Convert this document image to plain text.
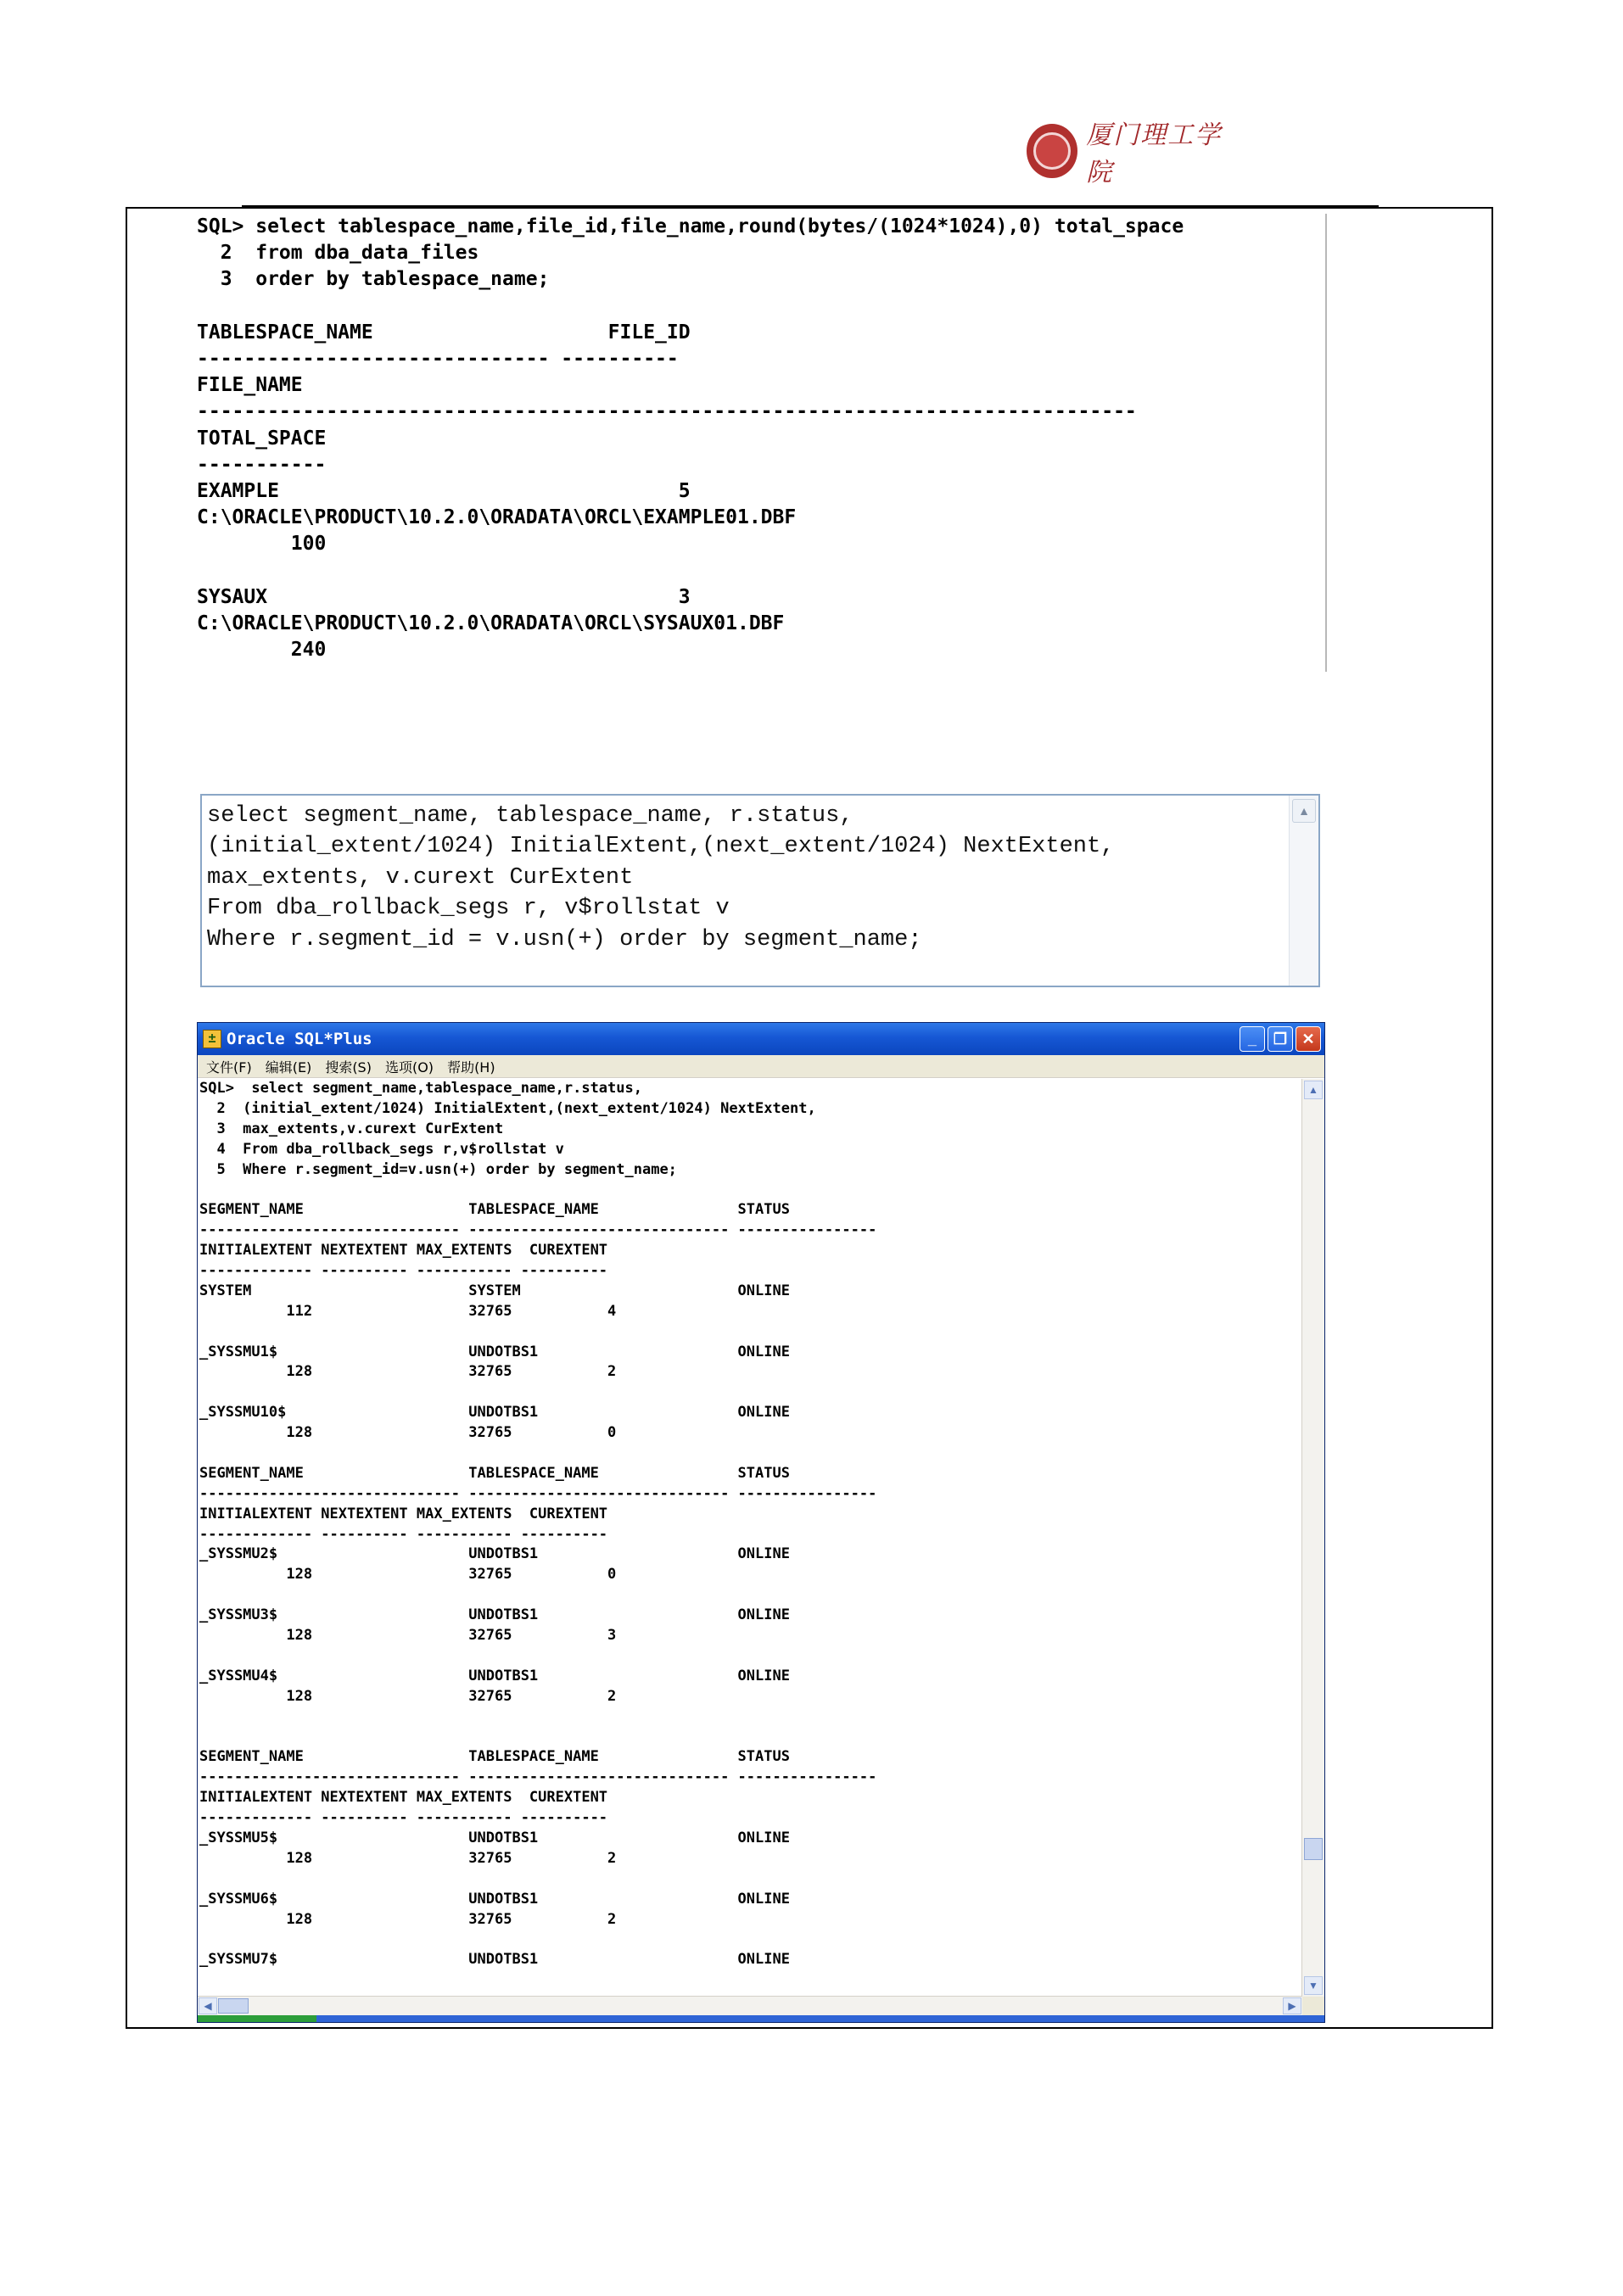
厦门理工学院
SQL> select tablespace_name,file_id,file_name,round(bytes/(1024*1024),0) total_space
2  from dba_data_files
3  order by tablespace_name;
TABLESPACE_NAME                    FILE_ID
------------------------------ ----------
FILE_NAME
--------------------------------------------------------------------------------
TOTAL_SPACE
-----------
EXAMPLE                                  5
C:\ORACLE\PRODUCT\10.2.0\ORADATA\ORCL\EXAMPLE01.DBF
100
SYSAUX                                   3
C:\ORACLE\PRODUCT\10.2.0\ORADATA\ORCL\SYSAUX01.DBF
240
select segment_name, tablespace_name, r.status,
(initial_extent/1024) InitialExtent,(next_extent/1024) NextExtent,
max_extents, v.curext CurExtent
From dba_rollback_segs r, v$rollstat v
Where r.segment_id = v.usn(+) order by segment_name;
▲
± Oracle SQL*Plus	_	❐ ✕
文件(F) 编辑(E) 搜索(S) 选项(O) 帮助(H)
SQL>  select segment_name,tablespace_name,r.status,
2  (initial_extent/1024) InitialExtent,(next_extent/1024) NextExtent,
3  max_extents,v.curext CurExtent
4  From dba_rollback_segs r,v$rollstat v
5  Where r.segment_id=v.usn(+) order by segment_name;
SEGMENT_NAME                   TABLESPACE_NAME                STATUS
------------------------------ ------------------------------ ----------------
INITIALEXTENT NEXTEXTENT MAX_EXTENTS  CUREXTENT
------------- ---------- ----------- ----------
SYSTEM                         SYSTEM                         ONLINE
112                  32765           4
_SYSSMU1$                      UNDOTBS1                       ONLINE
128                  32765           2
_SYSSMU10$                     UNDOTBS1                       ONLINE
128                  32765           0
SEGMENT_NAME                   TABLESPACE_NAME                STATUS
------------------------------ ------------------------------ ----------------
INITIALEXTENT NEXTEXTENT MAX_EXTENTS  CUREXTENT
------------- ---------- ----------- ----------
_SYSSMU2$                      UNDOTBS1                       ONLINE
128                  32765           0
_SYSSMU3$                      UNDOTBS1                       ONLINE
128                  32765           3
_SYSSMU4$                      UNDOTBS1                       ONLINE
128                  32765           2
SEGMENT_NAME                   TABLESPACE_NAME                STATUS
------------------------------ ------------------------------ ----------------
INITIALEXTENT NEXTEXTENT MAX_EXTENTS  CUREXTENT
------------- ---------- ----------- ----------
_SYSSMU5$                      UNDOTBS1                       ONLINE
128                  32765           2
_SYSSMU6$                      UNDOTBS1                       ONLINE
128                  32765           2
_SYSSMU7$                      UNDOTBS1                       ONLINE
▲
▼
◀	▶
